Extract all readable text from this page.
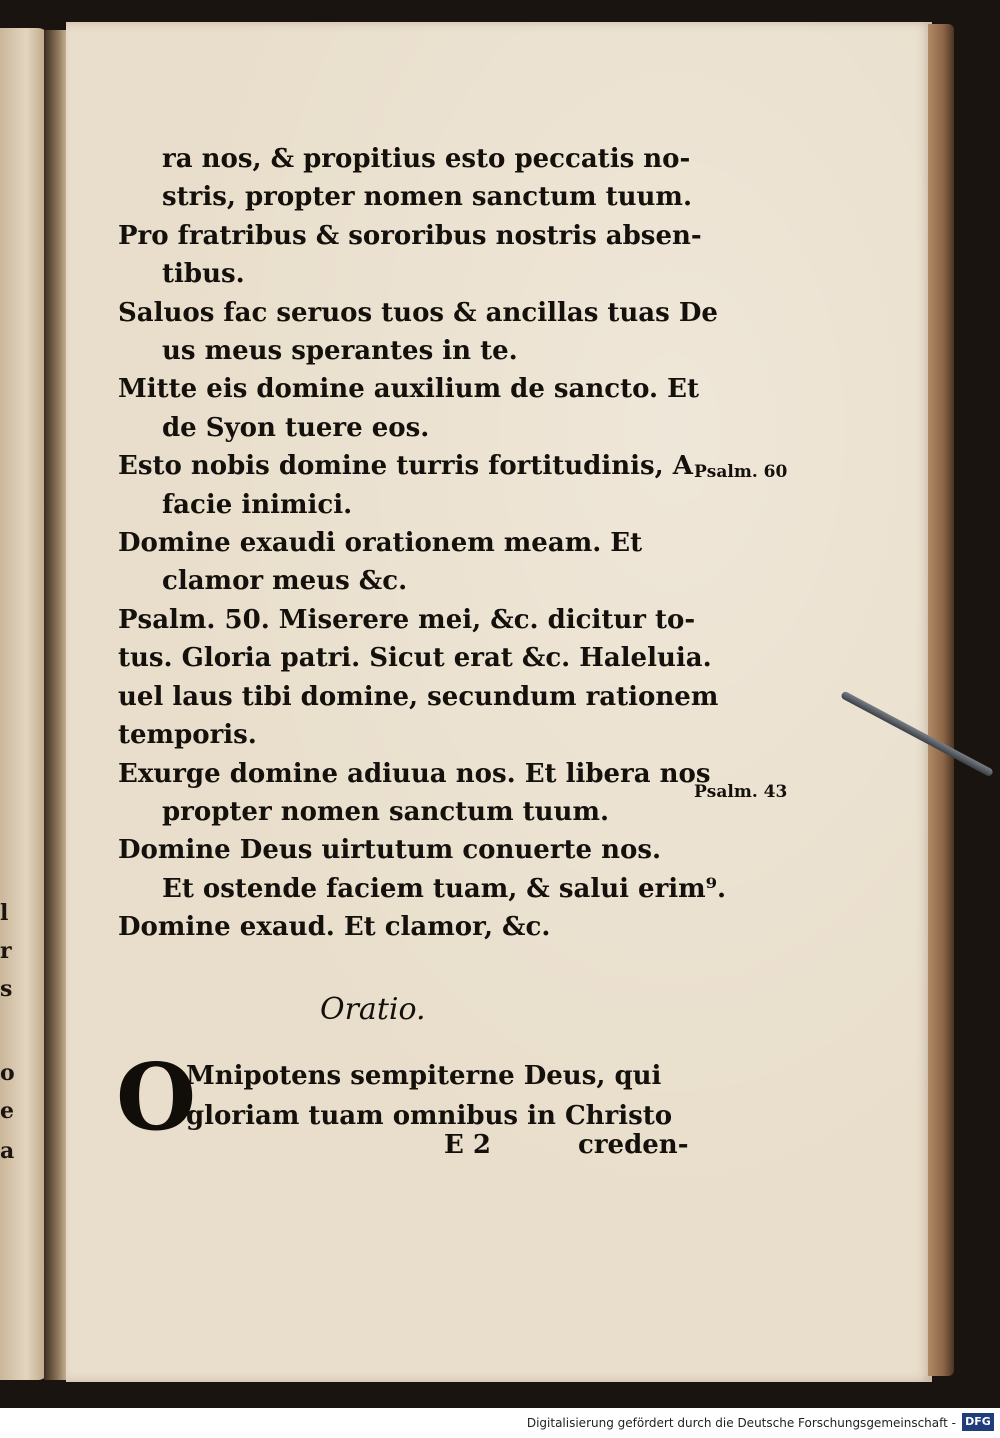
l
r
s
o
e
a
ra nos, & propitius esto peccatis no-
stris, propter nomen sanctum tuum.
Pro fratribus & sororibus nostris absen-
tibus.
Saluos fac seruos tuos & ancillas tuas De
us meus sperantes in te.
Mitte eis domine auxilium de sancto. Et
de Syon tuere eos.
Esto nobis domine turris fortitudinis, A
facie inimici.
Domine exaudi orationem meam. Et
clamor meus &c.
Psalm. 50. Miserere mei, &c. dicitur to-
tus. Gloria patri. Sicut erat &c. Haleluia.
uel laus tibi domine, secundum rationem
temporis.
Exurge domine adiuua nos. Et libera nos
propter nomen sanctum tuum.
Domine Deus uirtutum conuerte nos.
Et ostende faciem tuam, & salui erim⁹.
Domine exaud. Et clamor, &c.
Psalm. 60
Psalm. 43
Oratio.
O
Mnipotens sempiterne Deus, qui
gloriam tuam omnibus in Christo
E 2	creden-
Digitalisierung gefördert durch die Deutsche Forschungsgemeinschaft - DFG
